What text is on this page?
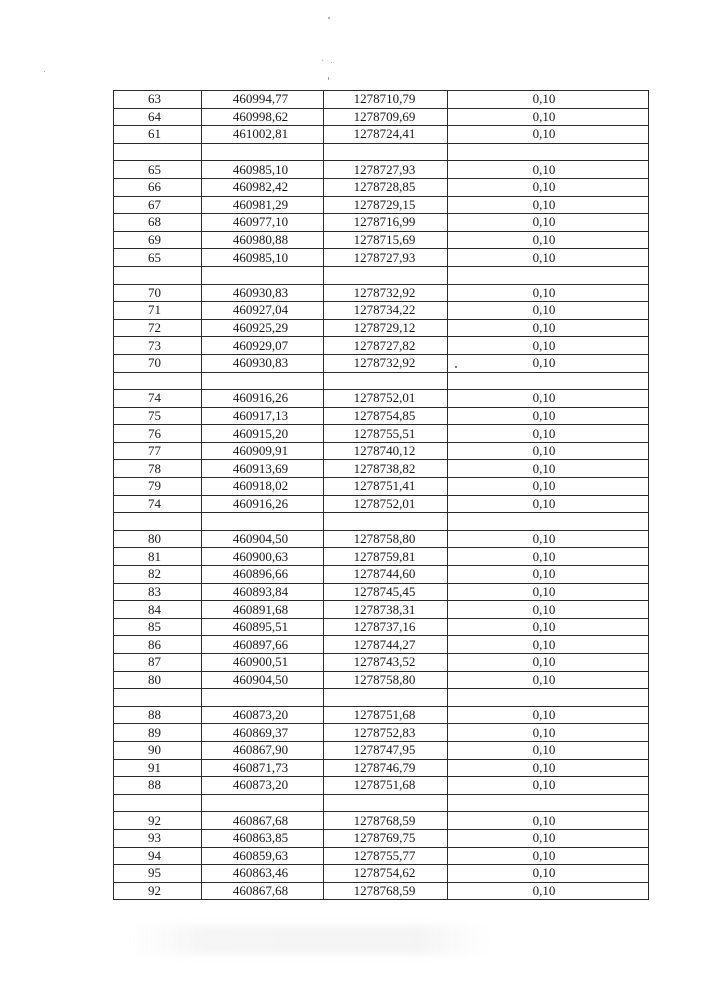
63	460994,77	1278710,79	0,10
64	460998,62	1278709,69	0,10
61	461002,81	1278724,41	0,10

65	460985,10	1278727,93	0,10
66	460982,42	1278728,85	0,10
67	460981,29	1278729,15	0,10
68	460977,10	1278716,99	0,10
69	460980,88	1278715,69	0,10
65	460985,10	1278727,93	0,10

70	460930,83	1278732,92	0,10
71	460927,04	1278734,22	0,10
72	460925,29	1278729,12	0,10
73	460929,07	1278727,82	0,10
70	460930,83	1278732,92	0,10

74	460916,26	1278752,01	0,10
75	460917,13	1278754,85	0,10
76	460915,20	1278755,51	0,10
77	460909,91	1278740,12	0,10
78	460913,69	1278738,82	0,10
79	460918,02	1278751,41	0,10
74	460916,26	1278752,01	0,10

80	460904,50	1278758,80	0,10
81	460900,63	1278759,81	0,10
82	460896,66	1278744,60	0,10
83	460893,84	1278745,45	0,10
84	460891,68	1278738,31	0,10
85	460895,51	1278737,16	0,10
86	460897,66	1278744,27	0,10
87	460900,51	1278743,52	0,10
80	460904,50	1278758,80	0,10

88	460873,20	1278751,68	0,10
89	460869,37	1278752,83	0,10
90	460867,90	1278747,95	0,10
91	460871,73	1278746,79	0,10
88	460873,20	1278751,68	0,10

92	460867,68	1278768,59	0,10
93	460863,85	1278769,75	0,10
94	460859,63	1278755,77	0,10
95	460863,46	1278754,62	0,10
92	460867,68	1278768,59	0,10
